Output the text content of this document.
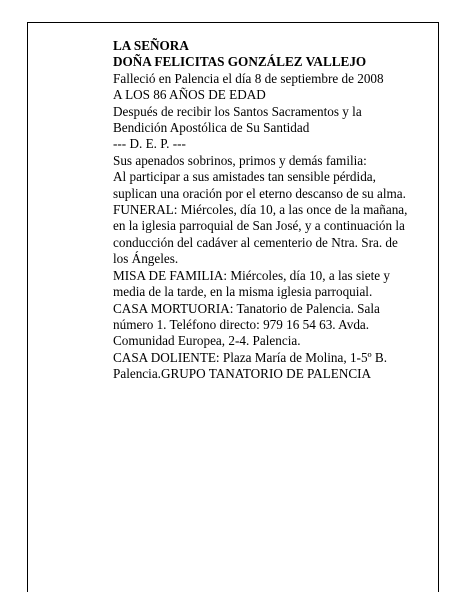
LA SEÑORA
DOÑA FELICITAS GONZÁLEZ VALLEJO

Falleció en Palencia el día 8 de septiembre de 2008

A LOS 86 AÑOS DE EDAD

Después de recibir los Santos Sacramentos y la
Bendición Apostólica de Su Santidad

--- D. E. P. ---

Sus apenados sobrinos, primos y demás familia:

Al participar a sus amistades tan sensible pérdida,
suplican una oración por el eterno descanso de su alma.

FUNERAL: Miércoles, día 10, a las once de la mañana,
en la iglesia parroquial de San José, y a continuación la
conducción del cadáver al cementerio de Ntra. Sra. de
los Ángeles.

MISA DE FAMILIA: Miércoles, día 10, a las siete y
media de la tarde, en la misma iglesia parroquial.

CASA MORTUORIA: Tanatorio de Palencia. Sala
número 1. Teléfono directo: 979 16 54 63. Avda.
Comunidad Europea, 2-4. Palencia.

CASA DOLIENTE: Plaza María de Molina, 1-5º B.
Palencia.GRUPO TANATORIO DE PALENCIA
